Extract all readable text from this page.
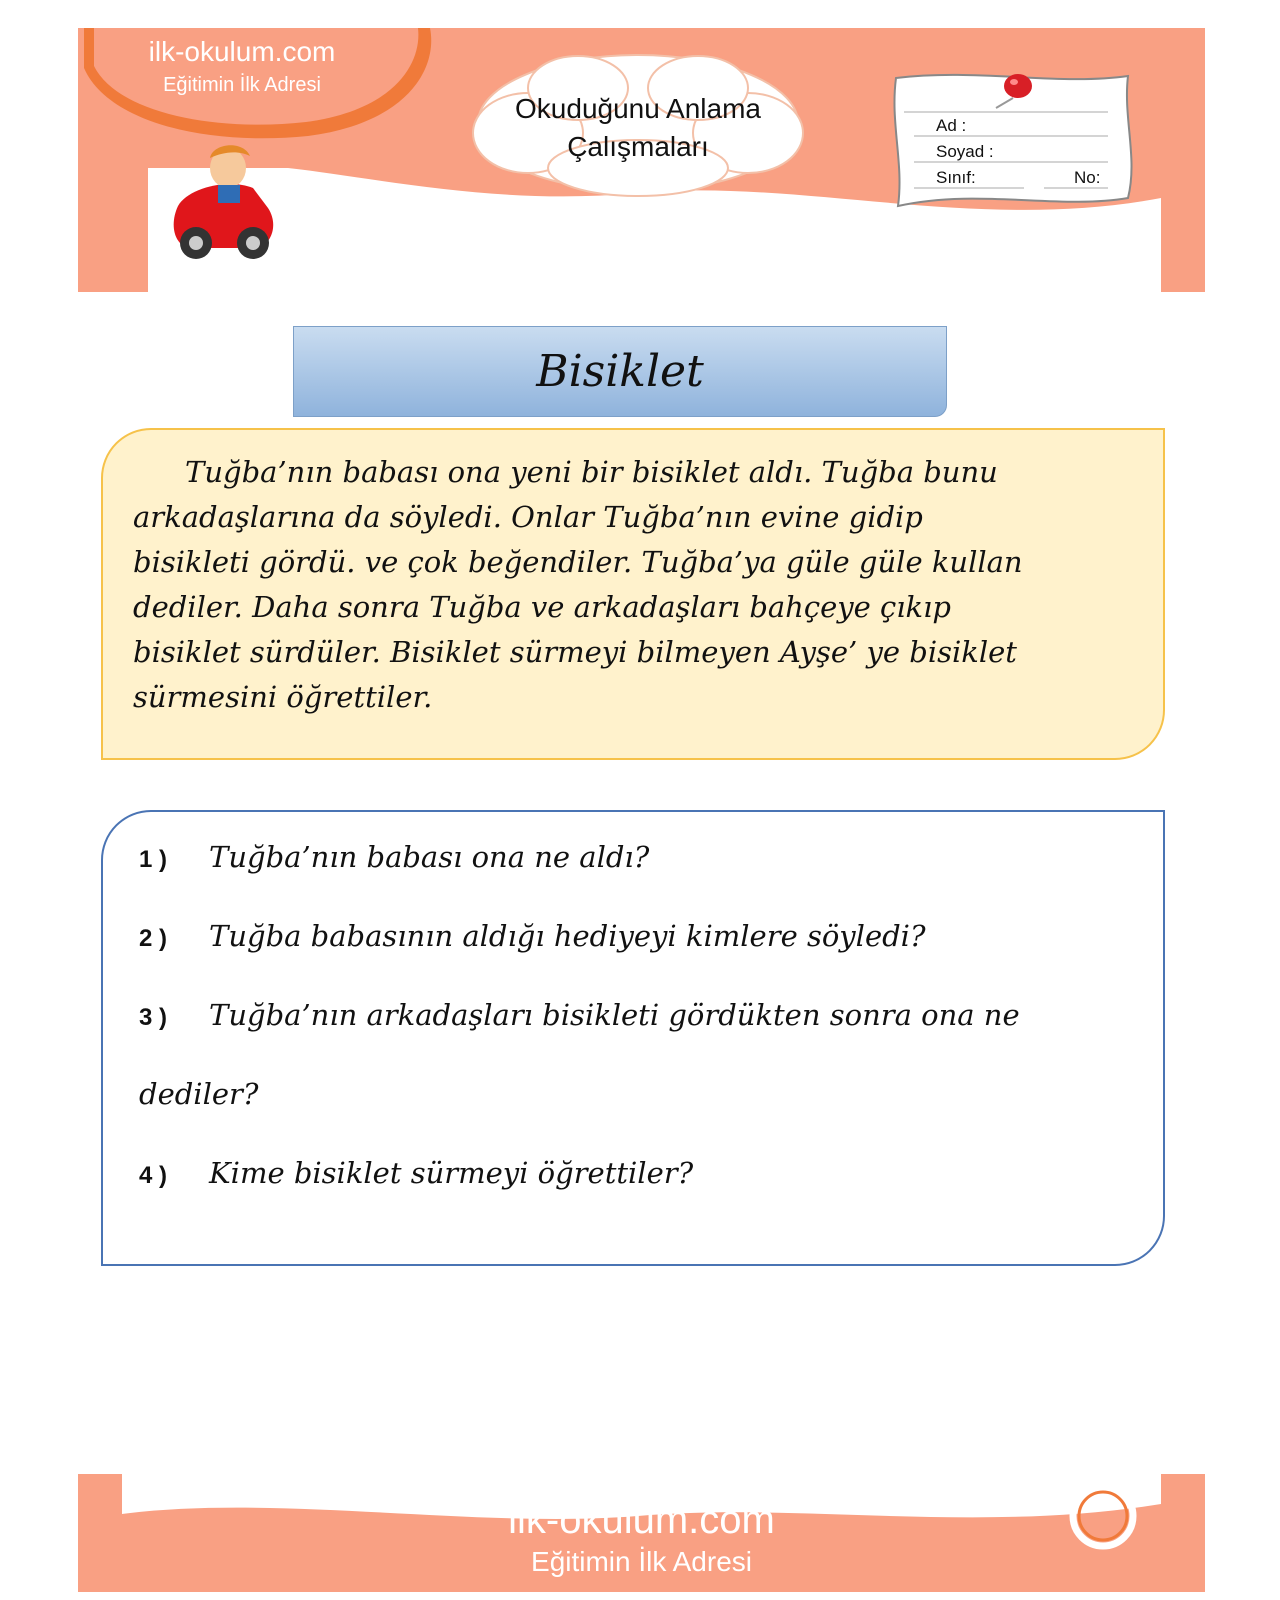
ilk-okulum.com
Eğitimin İlk Adresi
Okuduğunu Anlama
Çalışmaları
Ad :
Soyad :
Sınıf:	No:
Bisiklet
Tuğba’nın babası ona yeni bir bisiklet aldı. Tuğba bunu
arkadaşlarına da söyledi. Onlar Tuğba’nın evine gidip
bisikleti gördü. ve çok beğendiler. Tuğba’ya güle güle kullan
dediler. Daha sonra Tuğba ve arkadaşları bahçeye çıkıp
bisiklet sürdüler. Bisiklet sürmeyi bilmeyen Ayşe’ ye bisiklet
sürmesini öğrettiler.
1 ) Tuğba’nın babası ona ne aldı?
2 ) Tuğba babasının aldığı hediyeyi kimlere söyledi?
3 ) Tuğba’nın arkadaşları bisikleti gördükten sonra ona ne
dediler?
4 ) Kime bisiklet sürmeyi öğrettiler?
ilk-okulum.com
Eğitimin İlk Adresi
